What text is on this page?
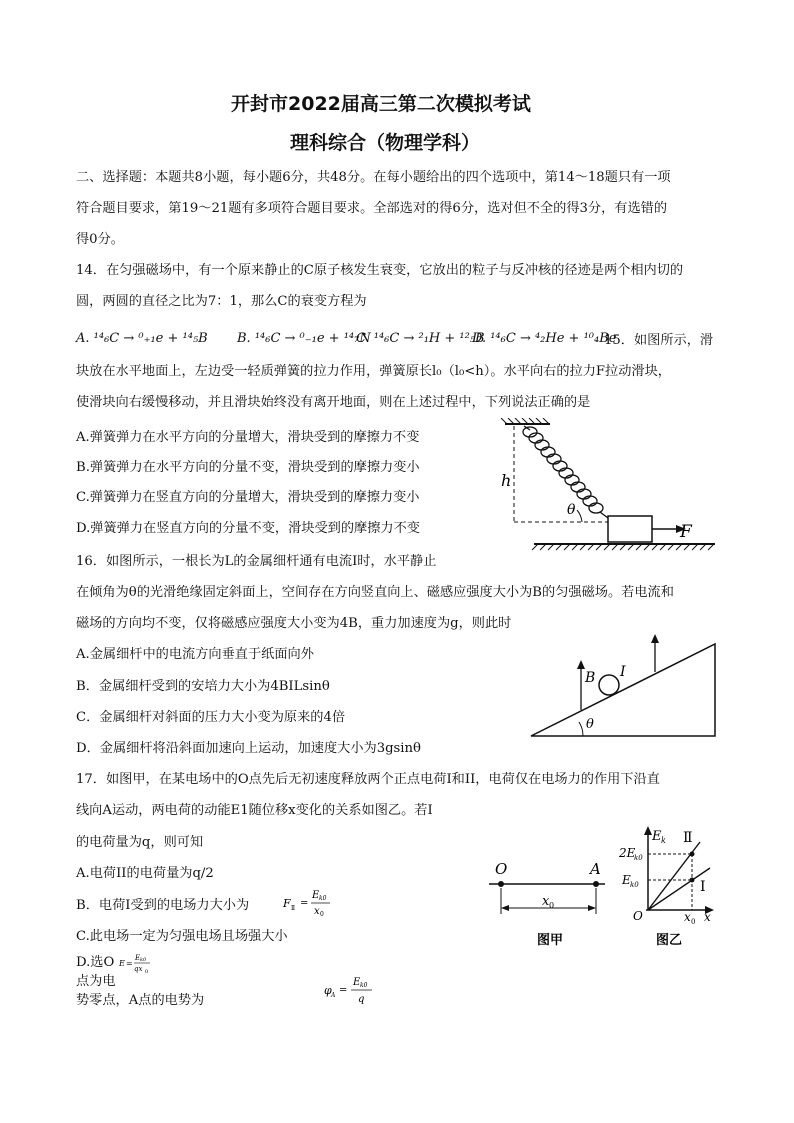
开封市2022届高三第二次模拟考试
理科综合（物理学科）
二、选择题：本题共8小题，每小题6分，共48分。在每小题给出的四个选项中，第14～18题只有一项
符合题目要求，第19～21题有多项符合题目要求。全部选对的得6分，选对但不全的得3分，有选错的
得0分。
14．在匀强磁场中，有一个原来静止的C原子核发生衰变，它放出的粒子与反冲核的径迹是两个相内切的
圆，两圆的直径之比为7：1，那么C的衰变方程为
A. ¹⁴₆C → ⁰₊₁e + ¹⁴₅B B. ¹⁴₆C → ⁰₋₁e + ¹⁴₇N
C. ¹⁴₆C → ²₁H + ¹²₅B
D. ¹⁴₆C → ⁴₂He + ¹⁰₄Be
15．如图所示，滑
块放在水平地面上，左边受一轻质弹簧的拉力作用，弹簧原长l₀（l₀<h）。水平向右的拉力F拉动滑块，
使滑块向右缓慢移动，并且滑块始终没有离开地面，则在上述过程中，下列说法正确的是
A.弹簧弹力在水平方向的分量增大，滑块受到的摩擦力不变
B.弹簧弹力在水平方向的分量不变，滑块受到的摩擦力变小
C.弹簧弹力在竖直方向的分量增大，滑块受到的摩擦力变小
D.弹簧弹力在竖直方向的分量不变，滑块受到的摩擦力不变
h
θ
F
16．如图所示，一根长为L的金属细杆通有电流I时，水平静止
在倾角为θ的光滑绝缘固定斜面上，空间存在方向竖直向上、磁感应强度大小为B的匀强磁场。若电流和
磁场的方向均不变，仅将磁感应强度大小变为4B，重力加速度为g，则此时
A.金属细杆中的电流方向垂直于纸面向外
B．金属细杆受到的安培力大小为4BILsinθ
C．金属细杆对斜面的压力大小变为原来的4倍
D．金属细杆将沿斜面加速向上运动，加速度大小为3gsinθ
B I
θ
17．如图甲，在某电场中的O点先后无初速度释放两个正点电荷I和II，电荷仅在电场力的作用下沿直
线向A运动，两电荷的动能E1随位移x变化的关系如图乙。若I
的电荷量为q，则可知
A.电荷II的电荷量为q/2
B．电荷I受到的电场力大小为
C.此电场一定为匀强电场且场强大小
D.选O
点为电
势零点，A点的电势为
F Ⅱ =
E k0
x 0
E =
E k0
qx 0
φ A =
E k0
q
O	A
x 0
图甲
E k Ⅱ
2E
k0
E k0	Ⅰ
O	x 0 x
图乙
